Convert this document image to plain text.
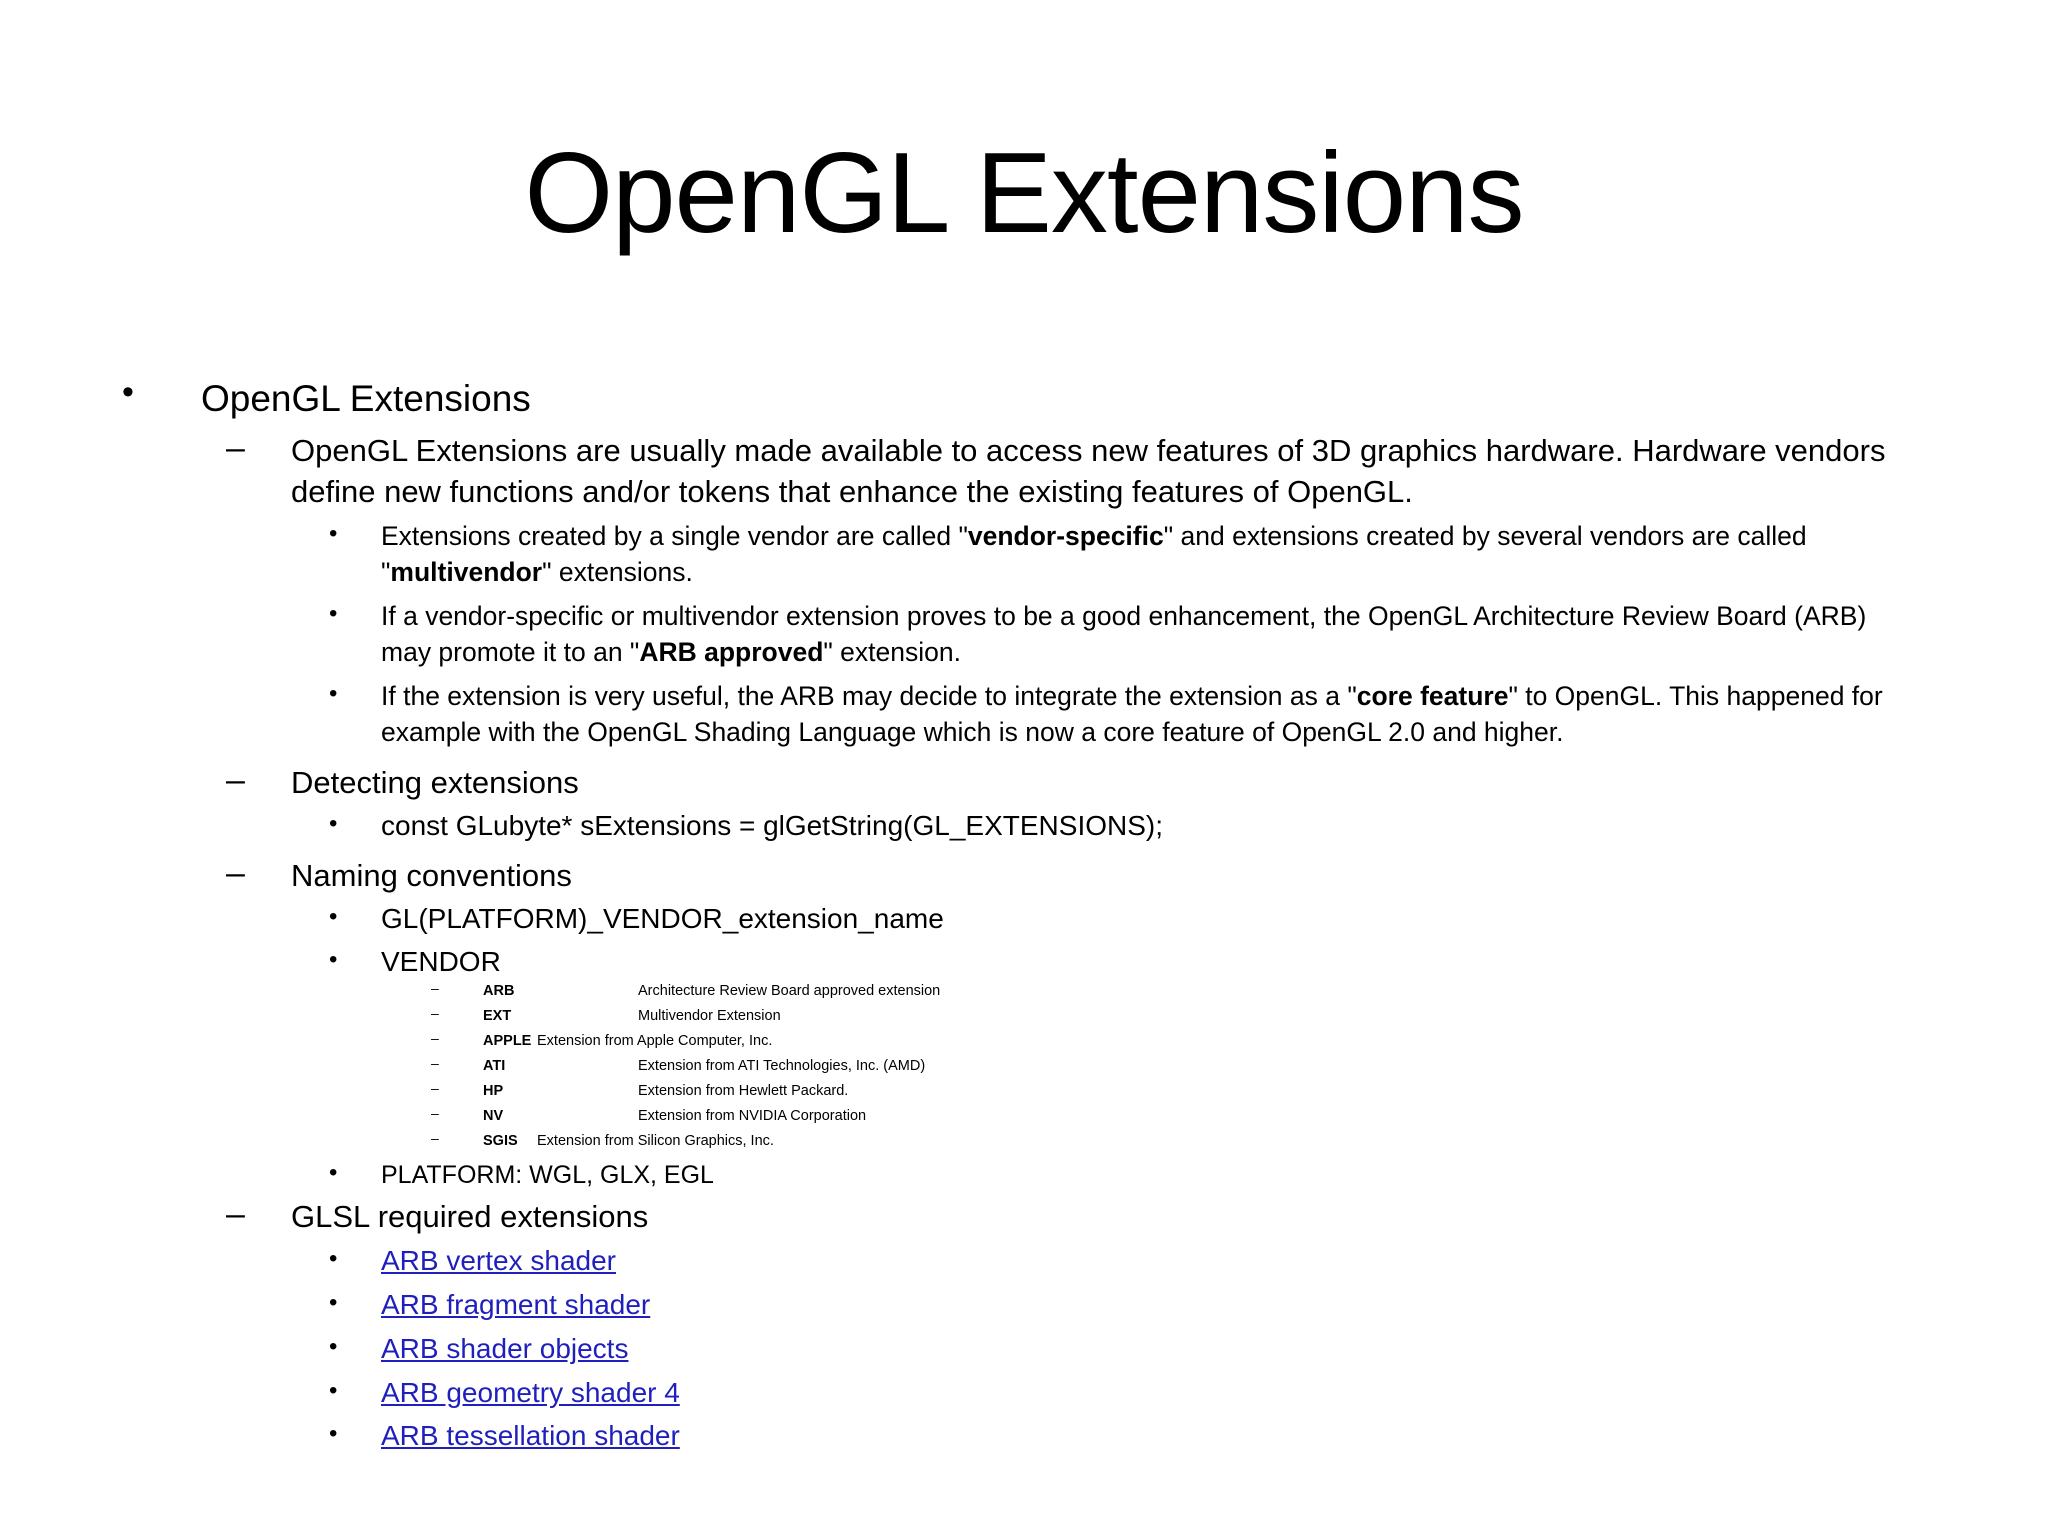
OpenGL Extensions
• OpenGL Extensions
– OpenGL Extensions are usually made available to access new features of 3D graphics hardware. Hardware vendors
define new functions and/or tokens that enhance the existing features of OpenGL.
• Extensions created by a single vendor are called "vendor-specific" and extensions created by several vendors are called
"multivendor" extensions.
• If a vendor-specific or multivendor extension proves to be a good enhancement, the OpenGL Architecture Review Board (ARB)
may promote it to an "ARB approved" extension.
• If the extension is very useful, the ARB may decide to integrate the extension as a "core feature" to OpenGL. This happened for
example with the OpenGL Shading Language which is now a core feature of OpenGL 2.0 and higher.
– Detecting extensions
• const GLubyte* sExtensions = glGetString(GL_EXTENSIONS);
– Naming conventions
• GL(PLATFORM)_VENDOR_extension_name
• VENDOR
–	ARB	Architecture Review Board approved extension
–	EXT	Multivendor Extension
–	APPLE Extension from Apple Computer, Inc.
–	ATI	Extension from ATI Technologies, Inc. (AMD)
–	HP	Extension from Hewlett Packard.
–	NV	Extension from NVIDIA Corporation
–	SGIS Extension from Silicon Graphics, Inc.
• PLATFORM: WGL, GLX, EGL
– GLSL required extensions
• ARB vertex shader
• ARB fragment shader
• ARB shader objects
• ARB geometry shader 4
• ARB tessellation shader
